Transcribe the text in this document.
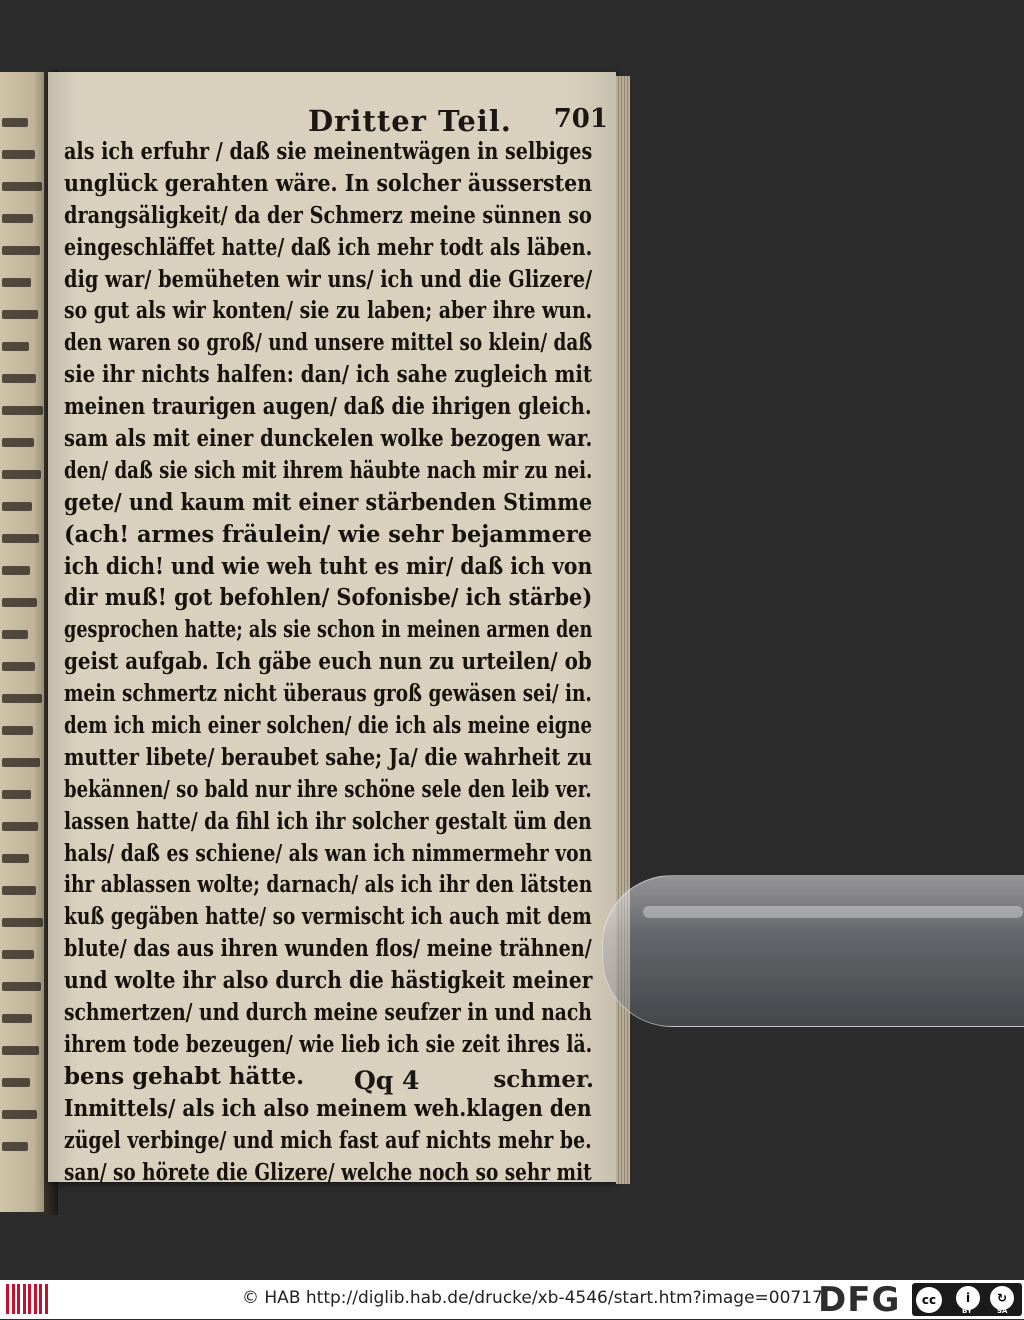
Dritter Teil. 701
als ich erfuhr / daß sie meinentwägen in selbiges
unglück gerahten wäre. In solcher äussersten
drangsäligkeit/ da der Schmerz meine sünnen so
eingeschläffet hatte/ daß ich mehr todt als läben.
dig war/ bemüheten wir uns/ ich und die Glizere/
so gut als wir konten/ sie zu laben; aber ihre wun.
den waren so groß/ und unsere mittel so klein/ daß
sie ihr nichts halfen: dan/ ich sahe zugleich mit
meinen traurigen augen/ daß die ihrigen gleich.
sam als mit einer dunckelen wolke bezogen war.
den/ daß sie sich mit ihrem häubte nach mir zu nei.
gete/ und kaum mit einer stärbenden Stimme
(ach! armes fräulein/ wie sehr bejammere
ich dich! und wie weh tuht es mir/ daß ich von
dir muß! got befohlen/ Sofonisbe/ ich stärbe)
gesprochen hatte; als sie schon in meinen armen den
geist aufgab. Ich gäbe euch nun zu urteilen/ ob
mein schmertz nicht überaus groß gewäsen sei/ in.
dem ich mich einer solchen/ die ich als meine eigne
mutter libete/ beraubet sahe; Ja/ die wahrheit zu
bekännen/ so bald nur ihre schöne sele den leib ver.
lassen hatte/ da fihl ich ihr solcher gestalt üm den
hals/ daß es schiene/ als wan ich nimmermehr von
ihr ablassen wolte; darnach/ als ich ihr den lätsten
kuß gegäben hatte/ so vermischt ich auch mit dem
blute/ das aus ihren wunden flos/ meine trähnen/
und wolte ihr also durch die hästigkeit meiner
schmertzen/ und durch meine seufzer in und nach
ihrem tode bezeugen/ wie lieb ich sie zeit ihres lä.
bens gehabt hätte.
Inmittels/ als ich also meinem weh.klagen den
zügel verbinge/ und mich fast auf nichts mehr be.
san/ so hörete die Glizere/ welche noch so sehr mit
Qq 4	schmer.
© HAB http://diglib.hab.de/drucke/xb-4546/start.htm?image=00717
DFG	cc	i	↻
BY	SA
